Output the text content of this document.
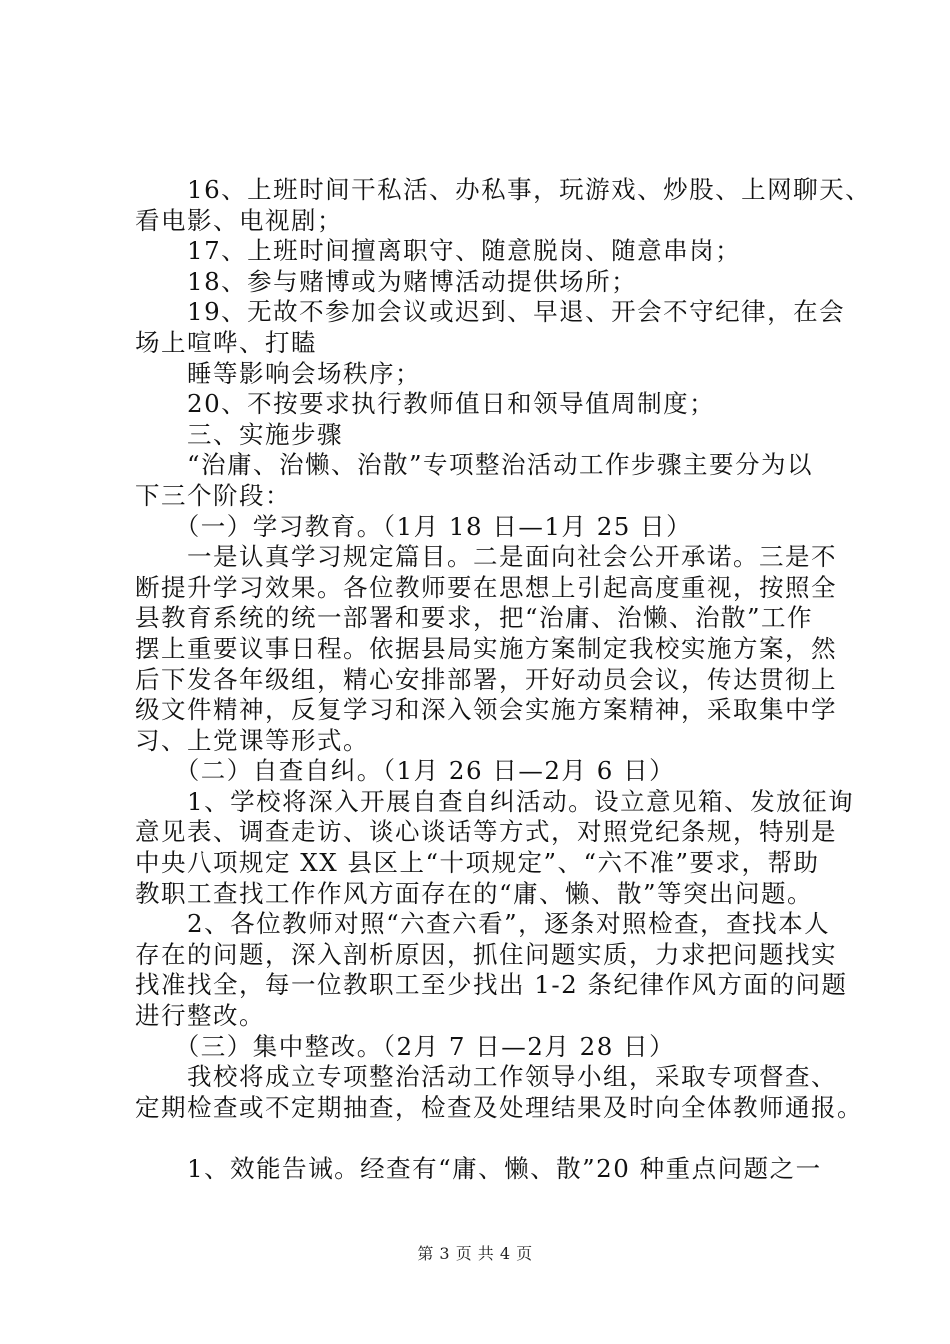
　　16、上班时间干私活、办私事，玩游戏、炒股、上网聊天、

看电影、电视剧；

　　17、上班时间擅离职守、随意脱岗、随意串岗；

　　18、参与赌博或为赌博活动提供场所；

　　19、无故不参加会议或迟到、早退、开会不守纪律，在会

场上喧哗、打瞌

　　睡等影响会场秩序；

　　20、不按要求执行教师值日和领导值周制度；

　　三、实施步骤

　　“治庸、治懒、治散”专项整治活动工作步骤主要分为以

下三个阶段：

　　（一）学习教育。（1月 18 日—1月 25 日）

　　一是认真学习规定篇目。二是面向社会公开承诺。三是不

断提升学习效果。各位教师要在思想上引起高度重视，按照全

县教育系统的统一部署和要求，把“治庸、治懒、治散”工作

摆上重要议事日程。依据县局实施方案制定我校实施方案，然

后下发各年级组，精心安排部署，开好动员会议，传达贯彻上

级文件精神，反复学习和深入领会实施方案精神，采取集中学

习、上党课等形式。

　　（二）自查自纠。（1月 26 日—2月 6 日）

　　1、学校将深入开展自查自纠活动。设立意见箱、发放征询

意见表、调查走访、谈心谈话等方式，对照党纪条规，特别是

中央八项规定 XX 县区上“十项规定”、“六不准”要求，帮助

教职工查找工作作风方面存在的“庸、懒、散”等突出问题。

　　2、各位教师对照“六查六看”，逐条对照检查，查找本人

存在的问题，深入剖析原因，抓住问题实质，力求把问题找实

找准找全，每一位教职工至少找出 1-2 条纪律作风方面的问题

进行整改。

　　（三）集中整改。（2月 7 日—2月 28 日）

　　我校将成立专项整治活动工作领导小组，采取专项督查、

定期检查或不定期抽查，检查及处理结果及时向全体教师通报。

　　1、效能告诫。经查有“庸、懒、散”20 种重点问题之一

第 3 页 共 4 页
